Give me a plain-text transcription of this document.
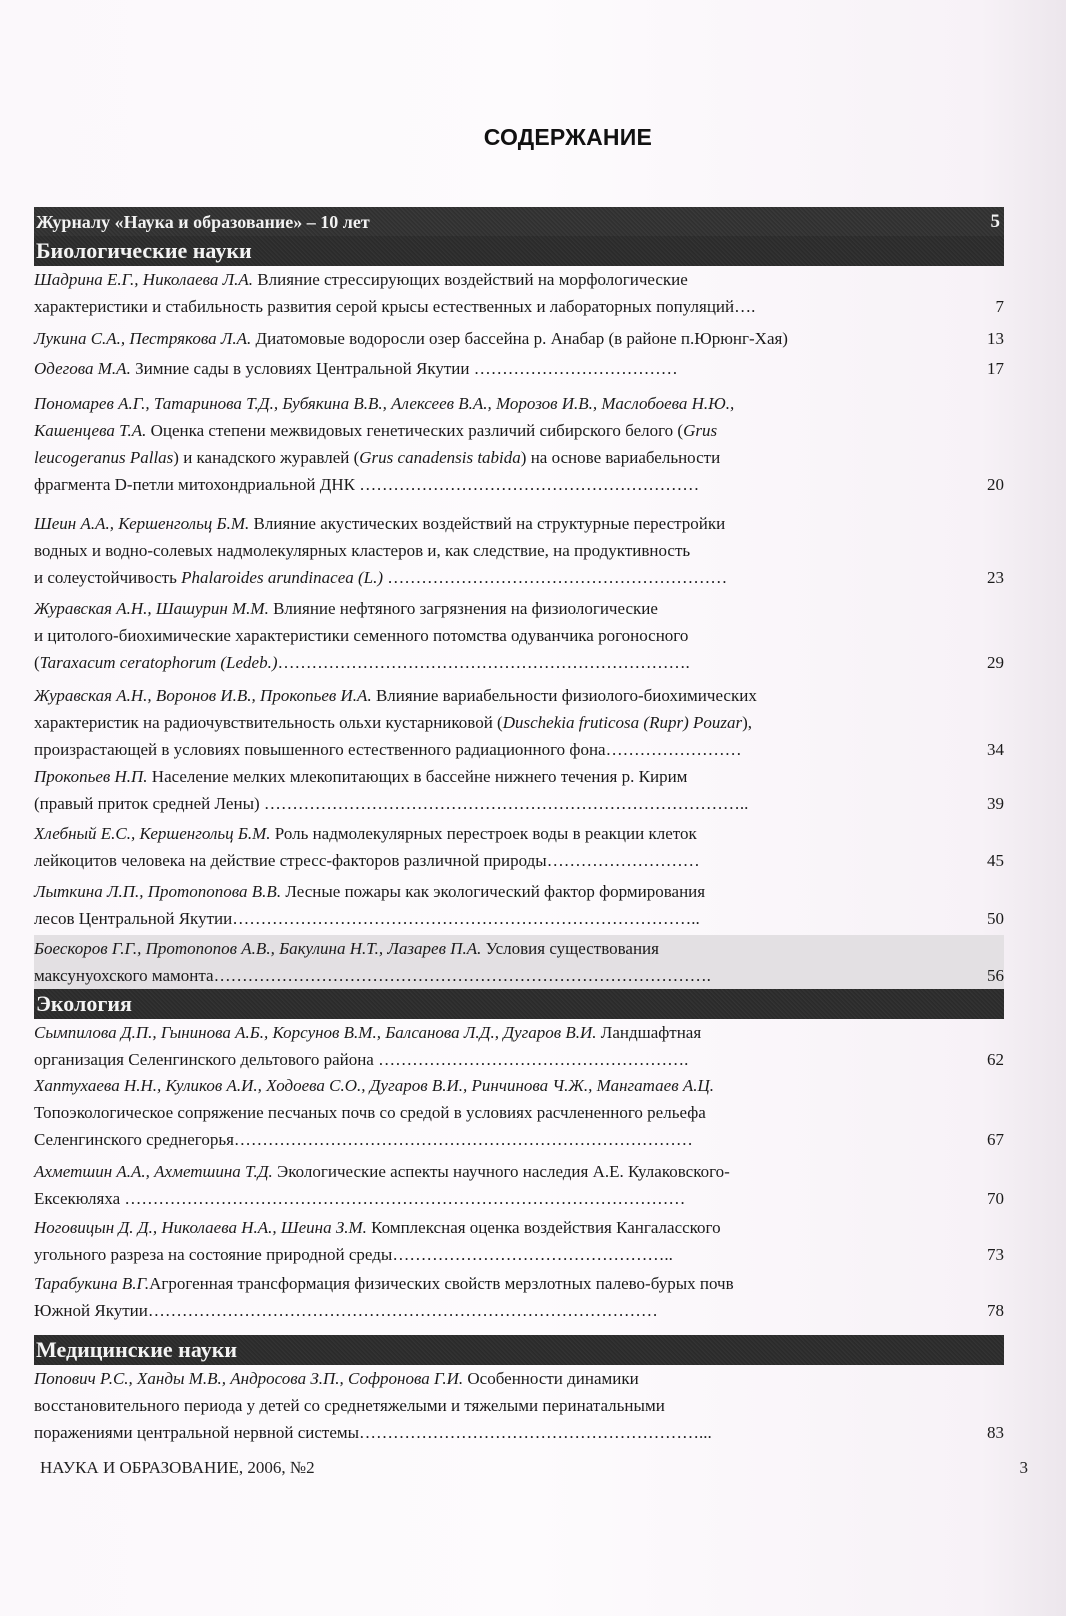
СОДЕРЖАНИЕ
Журналу «Наука и образование» – 10 лет	5
Биологические науки
Экология
Медицинские науки
Шадрина Е.Г., Николаева Л.А. Влияние стрессирующих воздействий на морфологические
характеристики и стабильность развития серой крысы естественных и лабораторных популяций….	7
Лукина С.А., Пестрякова Л.А. Диатомовые водоросли озер бассейна р. Анабар (в районе п.Юрюнг-Хая)	13
Одегова М.А. Зимние сады в условиях Центральной Якутии ………………………………	17
Пономарев А.Г., Татаринова Т.Д., Бубякина В.В., Алексеев В.А., Морозов И.В., Маслобоева Н.Ю.,
Кашенцева Т.А. Оценка степени межвидовых генетических различий сибирского белого (Grus
leucogeranus Pallas) и канадского журавлей (Grus canadensis tabida) на основе вариабельности
фрагмента D-петли митохондриальной ДНК ……………………………………………………	20
Шеин А.А., Кершенгольц Б.М. Влияние акустических воздействий на структурные перестройки
водных и водно-солевых надмолекулярных кластеров и, как следствие, на продуктивность
и солеустойчивость Phalaroides arundinacea (L.) ……………………………………………………	23
Журавская А.Н., Шашурин М.М. Влияние нефтяного загрязнения на физиологические
и цитолого-биохимические характеристики семенного потомства одуванчика рогоносного
(Taraxacum ceratophorum (Ledeb.)……………………………………………………………….	29
Журавская А.Н., Воронов И.В., Прокопьев И.А. Влияние вариабельности физиолого-биохимических
характеристик на радиочувствительность ольхи кустарниковой (Duschekia fruticosa (Rupr) Pouzar),
произрастающей в условиях повышенного естественного радиационного фона……………………	34
Прокопьев Н.П. Население мелких млекопитающих в бассейне нижнего течения р. Кирим
(правый приток средней Лены) …………………………………………………………………………..	39
Хлебный Е.С., Кершенгольц Б.М. Роль надмолекулярных перестроек воды в реакции клеток
лейкоцитов человека на действие стресс-факторов различной природы………………………	45
Лыткина Л.П., Протопопова В.В. Лесные пожары как экологический фактор формирования
лесов Центральной Якутии………………………………………………………………………..	50
Боескоров Г.Г., Протопопов А.В., Бакулина Н.Т., Лазарев П.А. Условия существования
максунуохского мамонта…………………………………………………………………………….	56
Сымпилова Д.П., Гынинова А.Б., Корсунов В.М., Балсанова Л.Д., Дугаров В.И. Ландшафтная
организация Селенгинского дельтового района ……………………………………………….	62
Хаптухаева Н.Н., Куликов А.И., Ходоева С.О., Дугаров В.И., Ринчинова Ч.Ж., Мангатаев А.Ц.
Топоэкологическое сопряжение песчаных почв со средой в условиях расчлененного рельефа
Селенгинского среднегорья………………………………………………………………………	67
Ахметшин А.А., Ахметшина Т.Д. Экологические аспекты научного наследия А.Е. Кулаковского-
Ексекюляха ………………………………………………………………………………………	70
Ноговицын Д. Д., Николаева Н.А., Шеина З.М. Комплексная оценка воздействия Кангаласского
угольного разреза на состояние природной среды…………………………………………..	73
Тарабукина В.Г.Агрогенная трансформация физических свойств мерзлотных палево-бурых почв
Южной Якутии………………………………………………………………………………	78
Попович Р.С., Ханды М.В., Андросова З.П., Софронова Г.И. Особенности динамики
восстановительного периода у детей со среднетяжелыми и тяжелыми перинатальными
поражениями центральной нервной системы……………………………………………………...	83
НАУКА И ОБРАЗОВАНИЕ, 2006, №2	3
